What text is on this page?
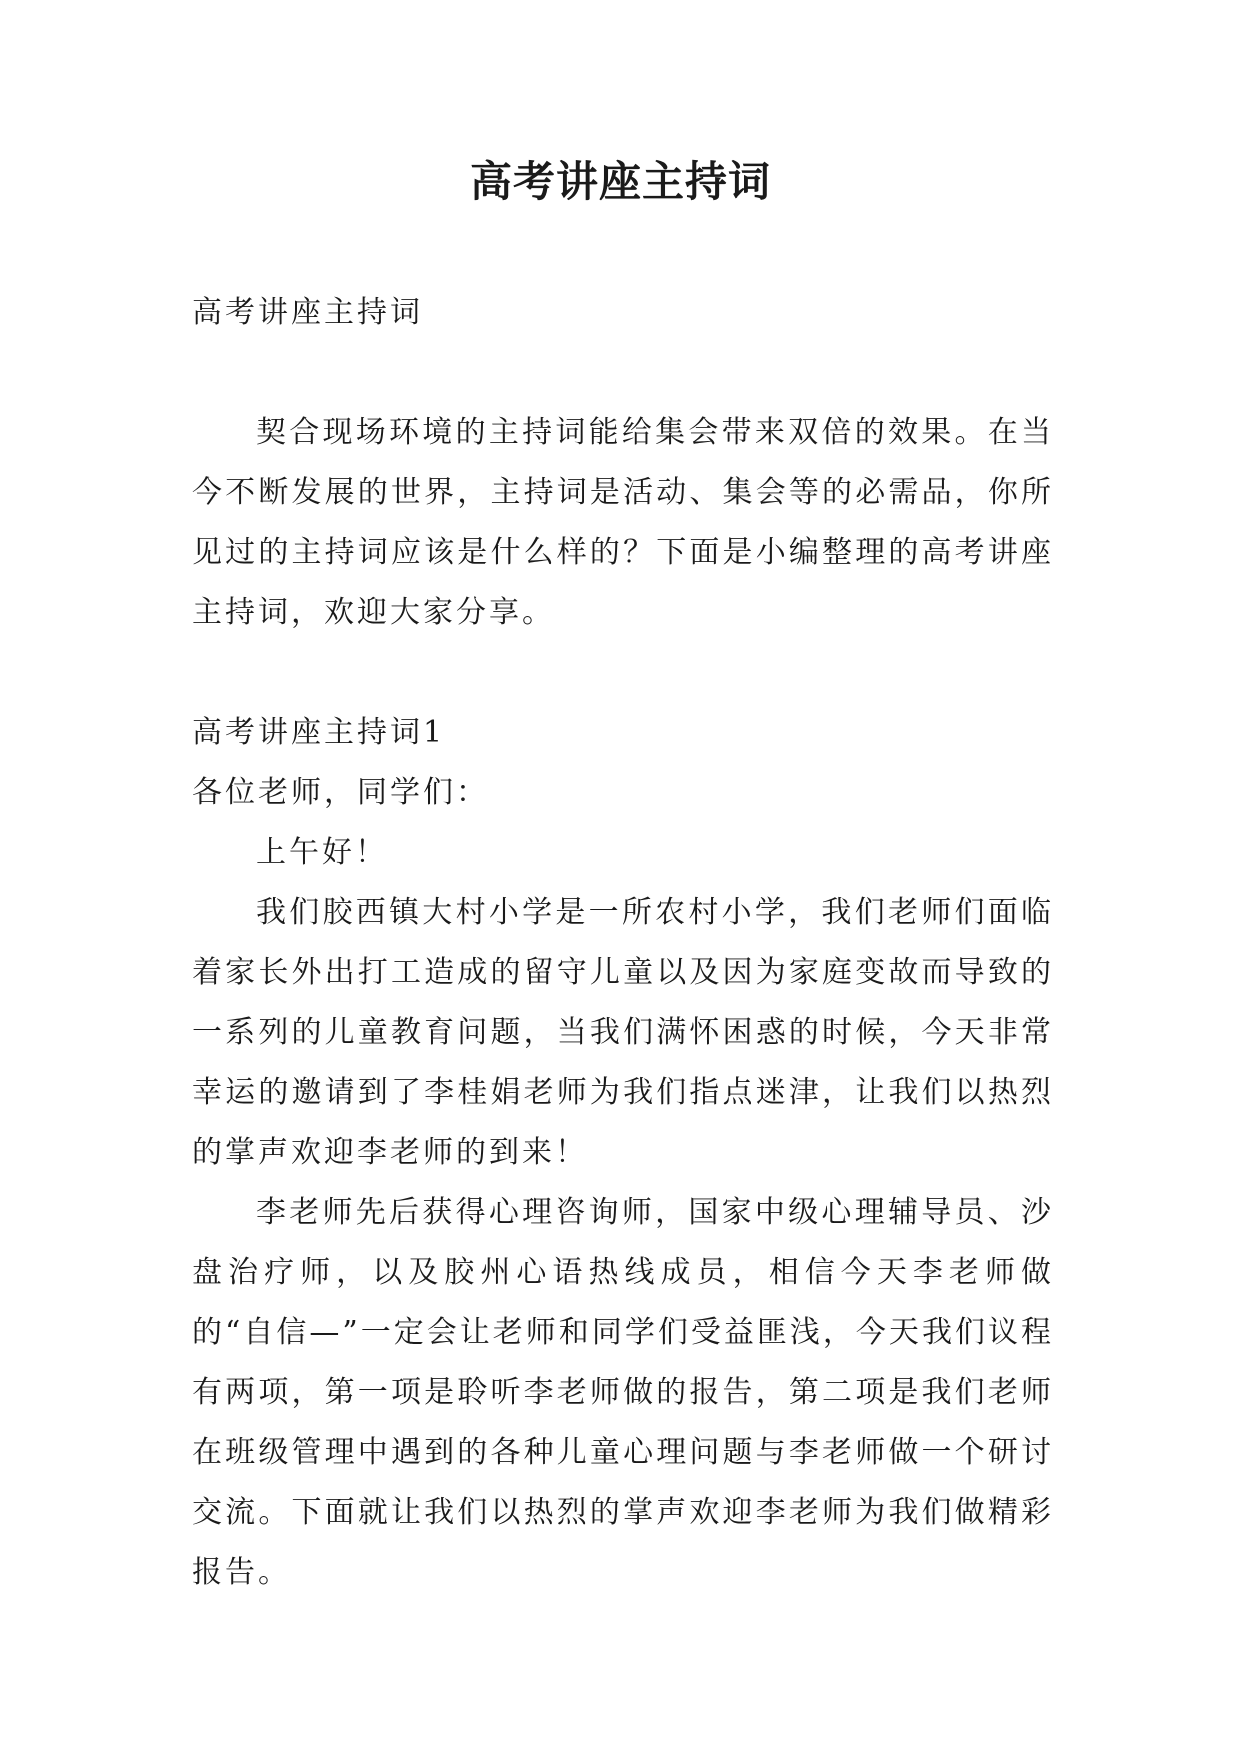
高考讲座主持词

高考讲座主持词

契合现场环境的主持词能给集会带来双倍的效果。在当今不断发展的世界，主持词是活动、集会等的必需品，你所见过的主持词应该是什么样的？下面是小编整理的高考讲座主持词，欢迎大家分享。

高考讲座主持词1

各位老师，同学们：

上午好！

我们胶西镇大村小学是一所农村小学，我们老师们面临着家长外出打工造成的留守儿童以及因为家庭变故而导致的一系列的儿童教育问题，当我们满怀困惑的时候，今天非常幸运的邀请到了李桂娟老师为我们指点迷津，让我们以热烈的掌声欢迎李老师的到来！

李老师先后获得心理咨询师，国家中级心理辅导员、沙盘治疗师，以及胶州心语热线成员，相信今天李老师做的“自信—”一定会让老师和同学们受益匪浅，今天我们议程有两项，第一项是聆听李老师做的报告，第二项是我们老师在班级管理中遇到的各种儿童心理问题与李老师做一个研讨交流。下面就让我们以热烈的掌声欢迎李老师为我们做精彩报告。
